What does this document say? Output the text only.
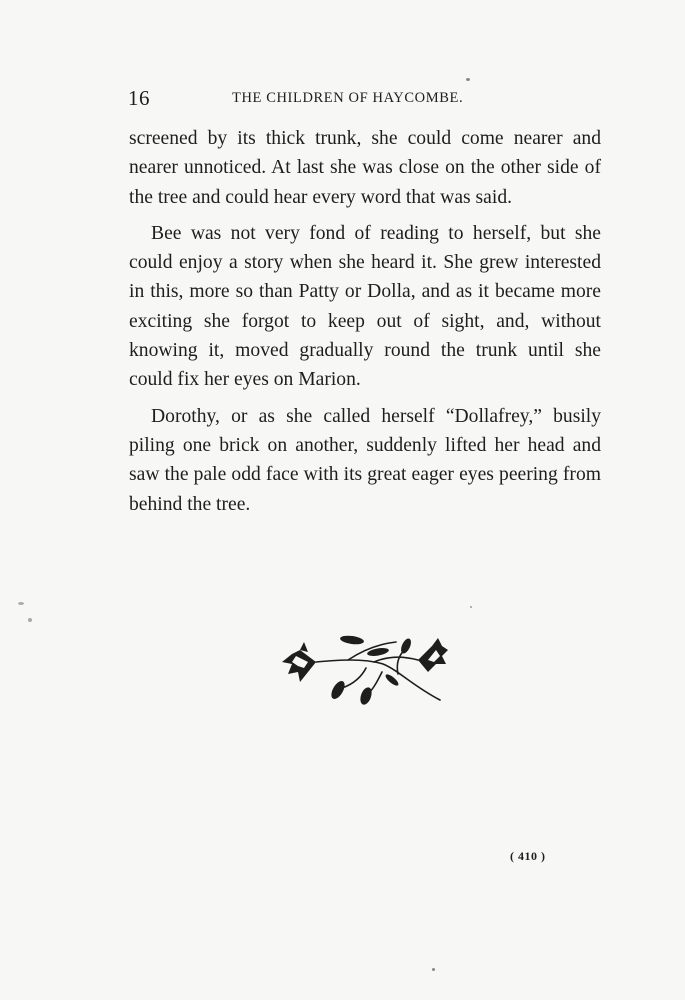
16	THE CHILDREN OF HAYCOMBE.

screened by its thick trunk, she could come nearer and nearer unnoticed. At last she was close on the other side of the tree and could hear every word that was said.

Bee was not very fond of reading to herself, but she could enjoy a story when she heard it. She grew interested in this, more so than Patty or Dolla, and as it became more exciting she forgot to keep out of sight, and, without knowing it, moved gradually round the trunk until she could fix her eyes on Marion.

Dorothy, or as she called herself “Dollafrey,” busily piling one brick on another, suddenly lifted her head and saw the pale odd face with its great eager eyes peering from behind the tree.

( 410 )
